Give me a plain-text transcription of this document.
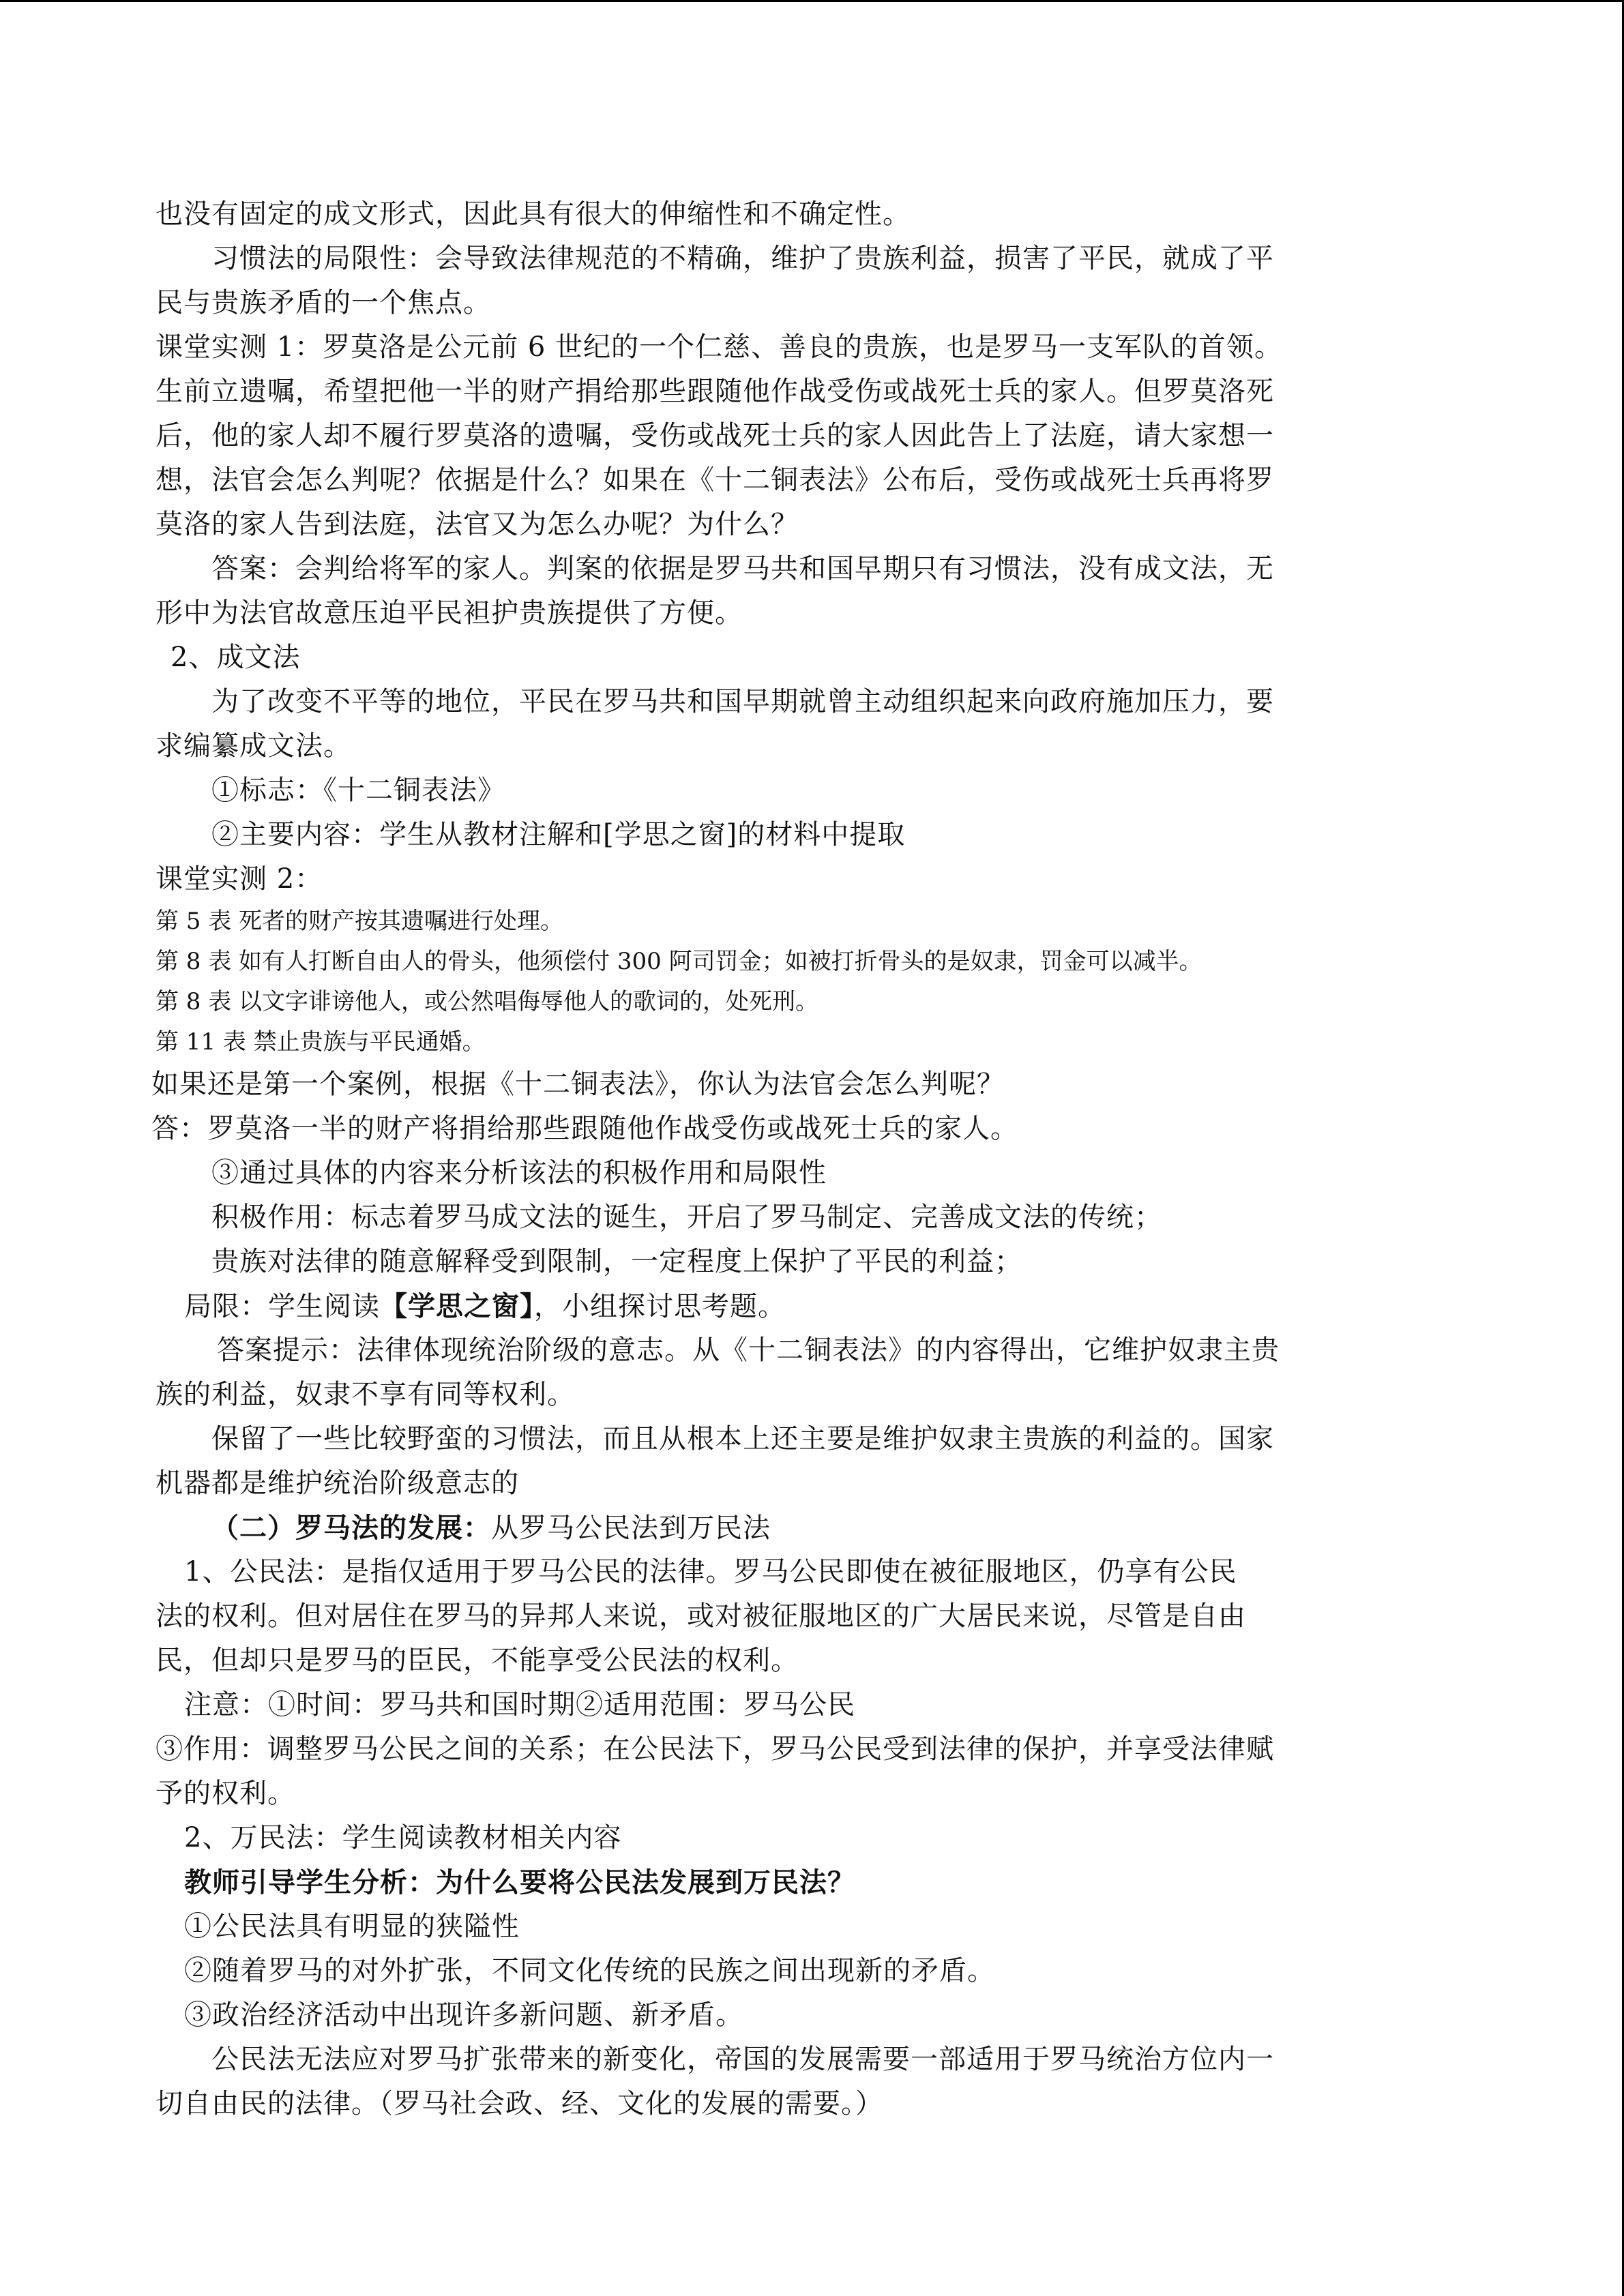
也没有固定的成文形式，因此具有很大的伸缩性和不确定性。
习惯法的局限性：会导致法律规范的不精确，维护了贵族利益，损害了平民，就成了平
民与贵族矛盾的一个焦点。
课堂实测 1：罗莫洛是公元前 6 世纪的一个仁慈、善良的贵族，也是罗马一支军队的首领。
生前立遗嘱，希望把他一半的财产捐给那些跟随他作战受伤或战死士兵的家人。但罗莫洛死
后，他的家人却不履行罗莫洛的遗嘱，受伤或战死士兵的家人因此告上了法庭，请大家想一
想，法官会怎么判呢？依据是什么？如果在《十二铜表法》公布后，受伤或战死士兵再将罗
莫洛的家人告到法庭，法官又为怎么办呢？为什么？
答案：会判给将军的家人。判案的依据是罗马共和国早期只有习惯法，没有成文法，无
形中为法官故意压迫平民袒护贵族提供了方便。
2、成文法
为了改变不平等的地位，平民在罗马共和国早期就曾主动组织起来向政府施加压力，要
求编纂成文法。
①标志：《十二铜表法》
②主要内容：学生从教材注解和[学思之窗]的材料中提取
课堂实测 2：
第 5 表 死者的财产按其遗嘱进行处理。
第 8 表 如有人打断自由人的骨头，他须偿付 300 阿司罚金；如被打折骨头的是奴隶，罚金可以减半。
第 8 表 以文字诽谤他人，或公然唱侮辱他人的歌词的，处死刑。
第 11 表 禁止贵族与平民通婚。
如果还是第一个案例，根据《十二铜表法》，你认为法官会怎么判呢？
答：罗莫洛一半的财产将捐给那些跟随他作战受伤或战死士兵的家人。
③通过具体的内容来分析该法的积极作用和局限性
积极作用：标志着罗马成文法的诞生，开启了罗马制定、完善成文法的传统；
贵族对法律的随意解释受到限制，一定程度上保护了平民的利益；
局限：学生阅读【学思之窗】，小组探讨思考题。
答案提示：法律体现统治阶级的意志。从《十二铜表法》的内容得出，它维护奴隶主贵
族的利益，奴隶不享有同等权利。
保留了一些比较野蛮的习惯法，而且从根本上还主要是维护奴隶主贵族的利益的。国家
机器都是维护统治阶级意志的
（二）罗马法的发展：从罗马公民法到万民法
1、公民法：是指仅适用于罗马公民的法律。罗马公民即使在被征服地区，仍享有公民
法的权利。但对居住在罗马的异邦人来说，或对被征服地区的广大居民来说，尽管是自由
民，但却只是罗马的臣民，不能享受公民法的权利。
注意：①时间：罗马共和国时期②适用范围：罗马公民
③作用：调整罗马公民之间的关系；在公民法下，罗马公民受到法律的保护，并享受法律赋
予的权利。
2、万民法：学生阅读教材相关内容
教师引导学生分析：为什么要将公民法发展到万民法？
①公民法具有明显的狭隘性
②随着罗马的对外扩张，不同文化传统的民族之间出现新的矛盾。
③政治经济活动中出现许多新问题、新矛盾。
公民法无法应对罗马扩张带来的新变化，帝国的发展需要一部适用于罗马统治方位内一
切自由民的法律。（罗马社会政、经、文化的发展的需要。）
